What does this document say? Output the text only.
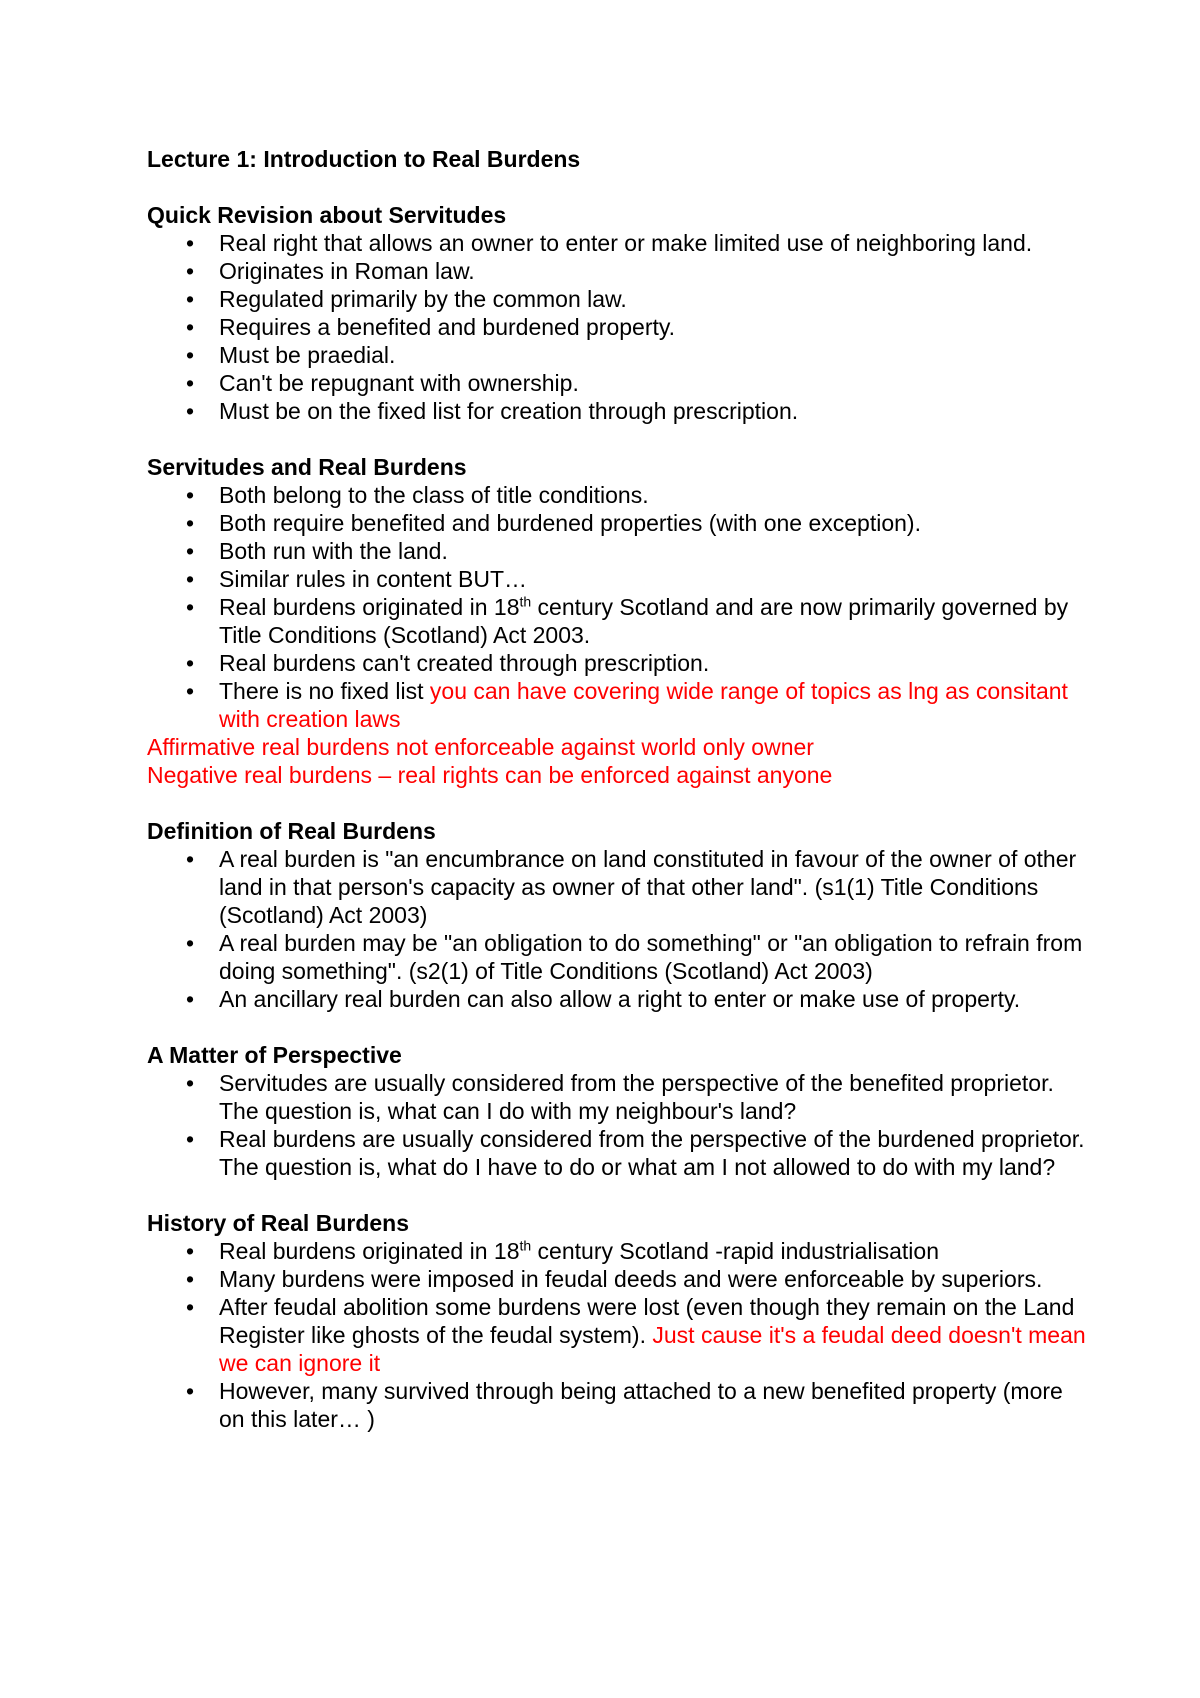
Lecture 1: Introduction to Real Burdens
Quick Revision about Servitudes
•	Real right that allows an owner to enter or make limited use of neighboring land.
•	Originates in Roman law.
•	Regulated primarily by the common law.
•	Requires a benefited and burdened property.
•	Must be praedial.
•	Can't be repugnant with ownership.
•	Must be on the fixed list for creation through prescription.
Servitudes and Real Burdens
•	Both belong to the class of title conditions.
•	Both require benefited and burdened properties (with one exception).
•	Both run with the land.
•	Similar rules in content BUT…
•	Real burdens originated in 18th century Scotland and are now primarily governed by Title Conditions (Scotland) Act 2003.
•	Real burdens can't created through prescription.
•	There is no fixed list you can have covering wide range of topics as lng as consitant with creation laws
Affirmative real burdens not enforceable against world only owner
Negative real burdens – real rights can be enforced against anyone
Definition of Real Burdens
•	A real burden is "an encumbrance on land constituted in favour of the owner of other land in that person's capacity as owner of that other land". (s1(1) Title Conditions (Scotland) Act 2003)
•	A real burden may be "an obligation to do something" or "an obligation to refrain from doing something". (s2(1) of Title Conditions (Scotland) Act 2003)
•	An ancillary real burden can also allow a right to enter or make use of property.
A Matter of Perspective
•	Servitudes are usually considered from the perspective of the benefited proprietor. The question is, what can I do with my neighbour's land?
•	Real burdens are usually considered from the perspective of the burdened proprietor. The question is, what do I have to do or what am I not allowed to do with my land?
History of Real Burdens
•	Real burdens originated in 18th century Scotland -rapid industrialisation
•	Many burdens were imposed in feudal deeds and were enforceable by superiors.
•	After feudal abolition some burdens were lost (even though they remain on the Land Register like ghosts of the feudal system). Just cause it's a feudal deed doesn't mean we can ignore it
•	However, many survived through being attached to a new benefited property (more on this later… )
